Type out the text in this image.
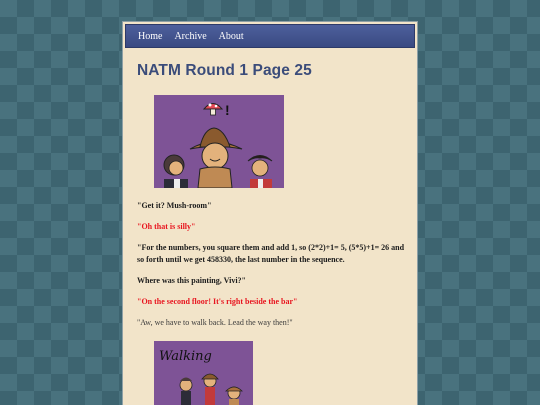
Home Archive About
NATM Round 1 Page 25
!

"Get it? Mush-room"

"Oh that is silly"

"For the numbers, you square them and add 1, so (2*2)+1= 5, (5*5)+1= 26 and so forth until we get 458330, the last number in the sequence.

Where was this painting, Vivi?"

"On the second floor! It's right beside the bar"

"Aw, we have to walk back. Lead the way then!"

Walking
